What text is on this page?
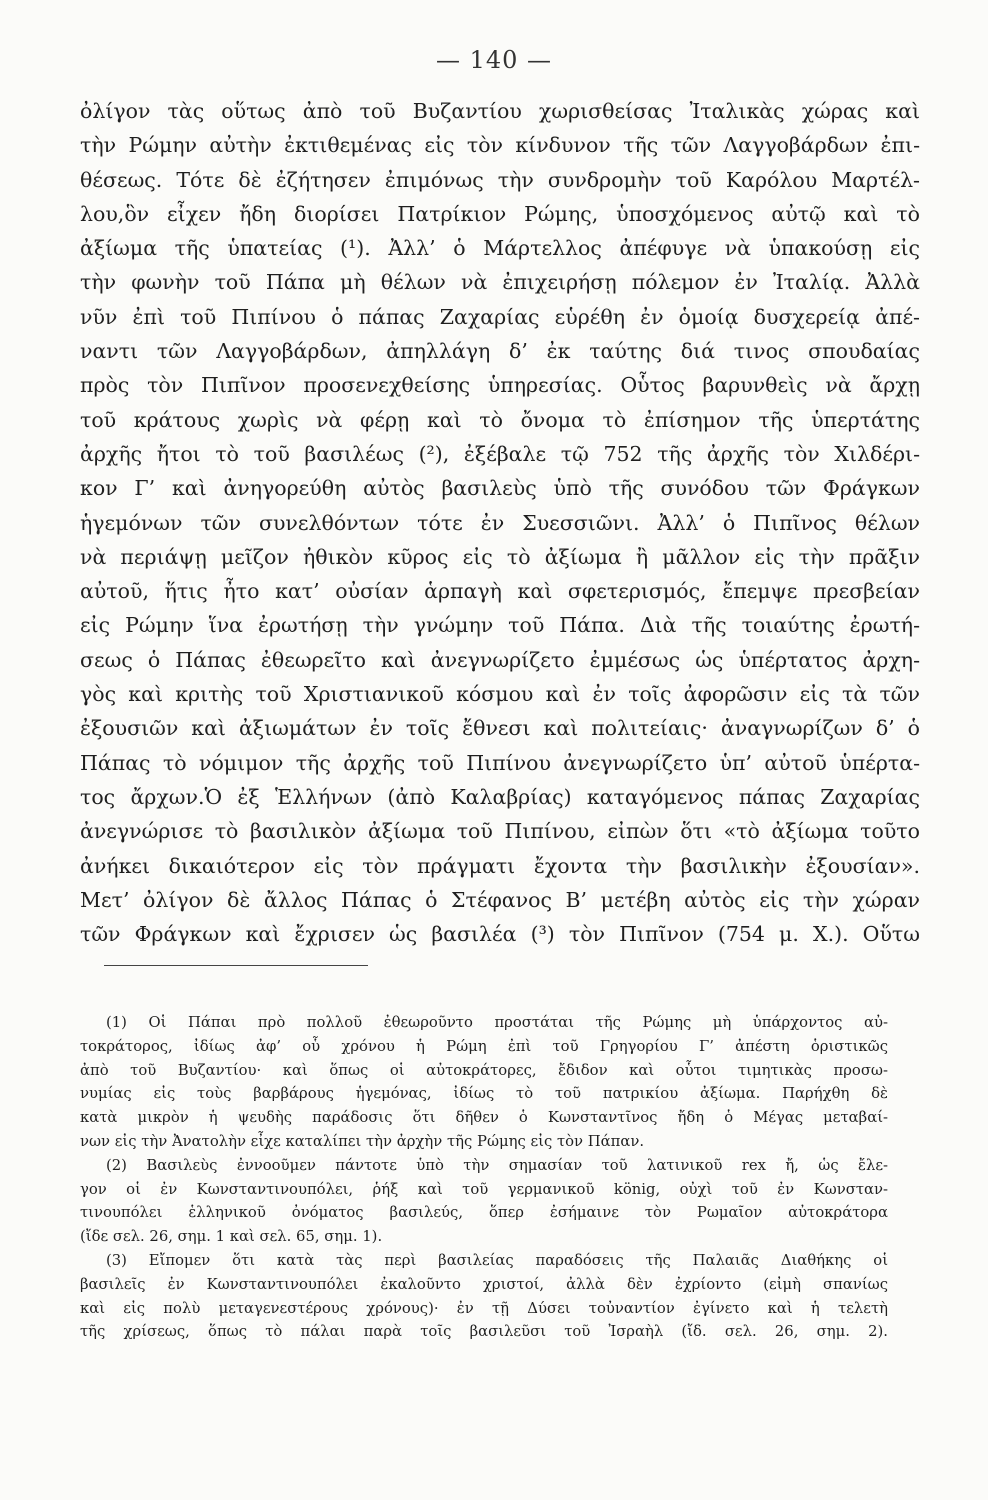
— 140 —
ὀλίγον τὰς οὕτως ἀπὸ τοῦ Βυζαντίου χωρισθείσας Ἰταλικὰς χώρας καὶ
τὴν Ρώμην αὐτὴν ἐκτιθεμένας εἰς τὸν κίνδυνον τῆς τῶν Λαγγοβάρδων ἐπι-
θέσεως. Τότε δὲ ἐζήτησεν ἐπιμόνως τὴν συνδρομὴν τοῦ Καρόλου Μαρτέλ-
λου,ὃν εἶχεν ἤδη διορίσει Πατρίκιον Ρώμης, ὑποσχόμενος αὐτῷ καὶ τὸ
ἀξίωμα τῆς ὑπατείας (¹). Ἀλλ’ ὁ Μάρτελλος ἀπέφυγε νὰ ὑπακούσῃ εἰς
τὴν φωνὴν τοῦ Πάπα μὴ θέλων νὰ ἐπιχειρήσῃ πόλεμον ἐν Ἰταλίᾳ. Ἀλλὰ
νῦν ἐπὶ τοῦ Πιπίνου ὁ πάπας Ζαχαρίας εὑρέθη ἐν ὁμοίᾳ δυσχερείᾳ ἀπέ-
ναντι τῶν Λαγγοβάρδων, ἀπηλλάγη δ’ ἐκ ταύτης διά τινος σπουδαίας
πρὸς τὸν Πιπῖνον προσενεχθείσης ὑπηρεσίας. Οὗτος βαρυνθεὶς νὰ ἄρχῃ
τοῦ κράτους χωρὶς νὰ φέρῃ καὶ τὸ ὄνομα τὸ ἐπίσημον τῆς ὑπερτάτης
ἀρχῆς ἤτοι τὸ τοῦ βασιλέως (²), ἐξέβαλε τῷ 752 τῆς ἀρχῆς τὸν Χιλδέρι-
κον Γ’ καὶ ἀνηγορεύθη αὐτὸς βασιλεὺς ὑπὸ τῆς συνόδου τῶν Φράγκων
ἡγεμόνων τῶν συνελθόντων τότε ἐν Συεσσιῶνι. Ἀλλ’ ὁ Πιπῖνος θέλων
νὰ περιάψῃ μεῖζον ἠθικὸν κῦρος εἰς τὸ ἀξίωμα ἢ μᾶλλον εἰς τὴν πρᾶξιν
αὐτοῦ, ἥτις ἦτο κατ’ οὐσίαν ἁρπαγὴ καὶ σφετερισμός, ἔπεμψε πρεσβείαν
εἰς Ρώμην ἵνα ἐρωτήσῃ τὴν γνώμην τοῦ Πάπα. Διὰ τῆς τοιαύτης ἐρωτή-
σεως ὁ Πάπας ἐθεωρεῖτο καὶ ἀνεγνωρίζετο ἐμμέσως ὡς ὑπέρτατος ἀρχη-
γὸς καὶ κριτὴς τοῦ Χριστιανικοῦ κόσμου καὶ ἐν τοῖς ἀφορῶσιν εἰς τὰ τῶν
ἐξουσιῶν καὶ ἀξιωμάτων ἐν τοῖς ἔθνεσι καὶ πολιτείαις· ἀναγνωρίζων δ’ ὁ
Πάπας τὸ νόμιμον τῆς ἀρχῆς τοῦ Πιπίνου ἀνεγνωρίζετο ὑπ’ αὐτοῦ ὑπέρτα-
τος ἄρχων.Ὁ ἐξ Ἑλλήνων (ἀπὸ Καλαβρίας) καταγόμενος πάπας Ζαχαρίας
ἀνεγνώρισε τὸ βασιλικὸν ἀξίωμα τοῦ Πιπίνου, εἰπὼν ὅτι «τὸ ἀξίωμα τοῦτο
ἀνήκει δικαιότερον εἰς τὸν πράγματι ἔχοντα τὴν βασιλικὴν ἐξουσίαν».
Μετ’ ὀλίγον δὲ ἄλλος Πάπας ὁ Στέφανος Β’ μετέβη αὐτὸς εἰς τὴν χώραν
τῶν Φράγκων καὶ ἔχρισεν ὡς βασιλέα (³) τὸν Πιπῖνον (754 μ. Χ.). Οὕτω
(1) Οἱ Πάπαι πρὸ πολλοῦ ἐθεωροῦντο προστάται τῆς Ρώμης μὴ ὑπάρχοντος αὐ-
τοκράτορος, ἰδίως ἀφ’ οὗ χρόνου ἡ Ρώμη ἐπὶ τοῦ Γρηγορίου Γ’ ἀπέστη ὁριστικῶς
ἀπὸ τοῦ Βυζαντίου· καὶ ὅπως οἱ αὐτοκράτορες, ἔδιδον καὶ οὗτοι τιμητικὰς προσω-
νυμίας εἰς τοὺς βαρβάρους ἡγεμόνας, ἰδίως τὸ τοῦ πατρικίου ἀξίωμα. Παρήχθη δὲ
κατὰ μικρὸν ἡ ψευδὴς παράδοσις ὅτι δῆθεν ὁ Κωνσταντῖνος ἤδη ὁ Μέγας μεταβαί-
νων εἰς τὴν Ἀνατολὴν εἶχε καταλίπει τὴν ἀρχὴν τῆς Ρώμης εἰς τὸν Πάπαν.
(2) Βασιλεὺς ἐννοοῦμεν πάντοτε ὑπὸ τὴν σημασίαν τοῦ λατινικοῦ rex ἤ, ὡς ἔλε-
γον οἱ ἐν Κωνσταντινουπόλει, ῥήξ καὶ τοῦ γερμανικοῦ könig, οὐχὶ τοῦ ἐν Κωνσταν-
τινουπόλει ἑλληνικοῦ ὀνόματος βασιλεύς, ὅπερ ἐσήμαινε τὸν Ρωμαῖον αὐτοκράτορα
(ἴδε σελ. 26, σημ. 1 καὶ σελ. 65, σημ. 1).
(3) Εἴπομεν ὅτι κατὰ τὰς περὶ βασιλείας παραδόσεις τῆς Παλαιᾶς Διαθήκης οἱ
βασιλεῖς ἐν Κωνσταντινουπόλει ἐκαλοῦντο χριστοί, ἀλλὰ δὲν ἐχρίοντο (εἰμὴ σπανίως
καὶ εἰς πολὺ μεταγενεστέρους χρόνους)· ἐν τῇ Δύσει τοὐναντίον ἐγίνετο καὶ ἡ τελετὴ
τῆς χρίσεως, ὅπως τὸ πάλαι παρὰ τοῖς βασιλεῦσι τοῦ Ἰσραὴλ (ἴδ. σελ. 26, σημ. 2).
